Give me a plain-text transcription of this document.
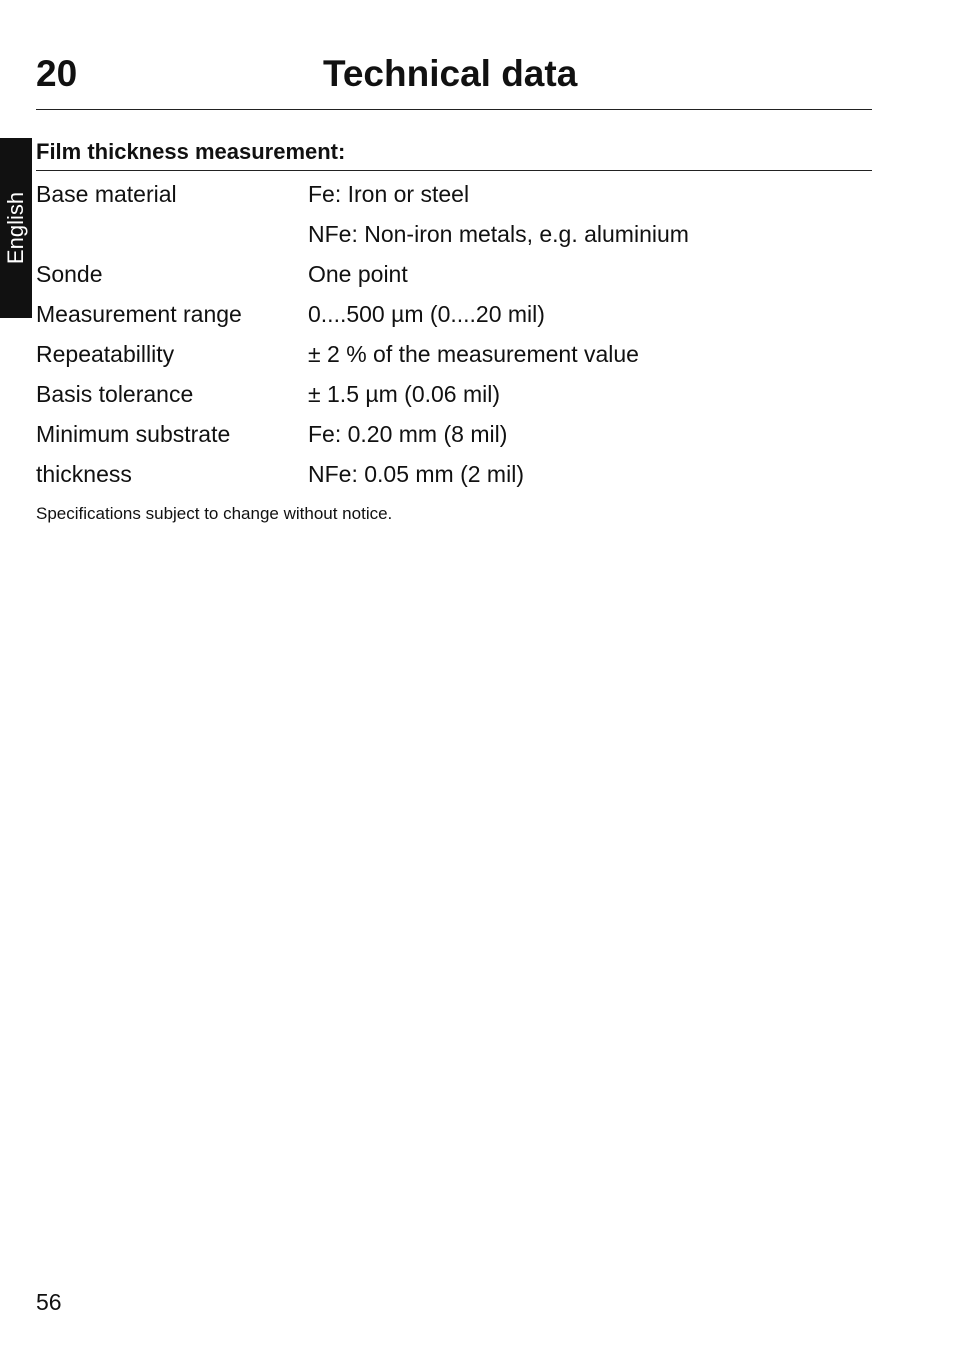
20	Technical data
English
Film thickness measurement:
Base material	Fe: Iron or steel
NFe: Non-iron metals, e.g. aluminium
Sonde	One point
Measurement range	0....500 µm (0....20 mil)
Repeatabillity	± 2 % of the measurement value
Basis tolerance	± 1.5 µm (0.06 mil)
Minimum substrate	Fe: 0.20 mm (8 mil)
thickness	NFe: 0.05 mm (2 mil)
Specifications subject to change without notice.
56
